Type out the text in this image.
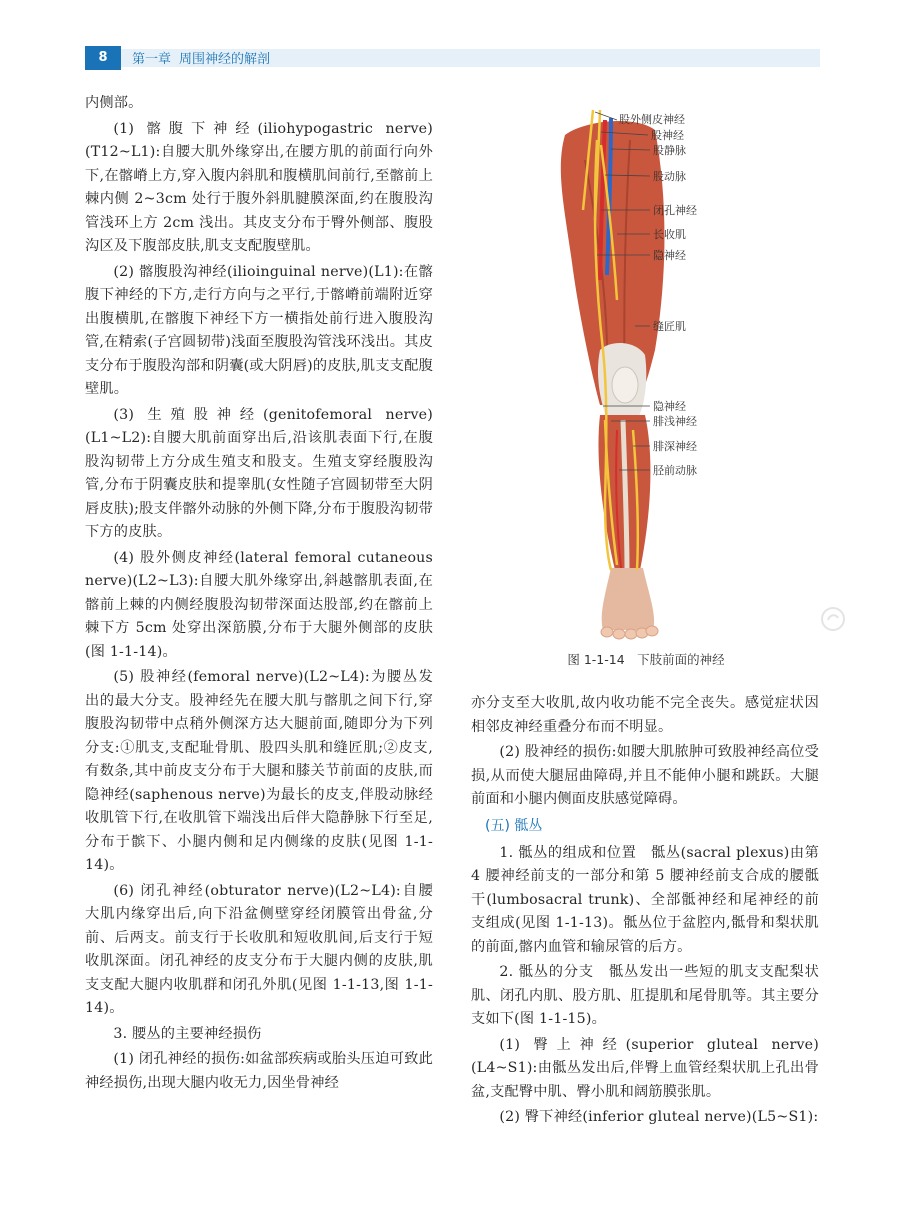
8	第一章 周围神经的解剖

内侧部。

(1) 髂腹下神经(iliohypogastric nerve)(T12~L1):自腰大肌外缘穿出,在腰方肌的前面行向外下,在髂嵴上方,穿入腹内斜肌和腹横肌间前行,至髂前上棘内侧 2~3cm 处行于腹外斜肌腱膜深面,约在腹股沟管浅环上方 2cm 浅出。其皮支分布于臀外侧部、腹股沟区及下腹部皮肤,肌支支配腹壁肌。

(2) 髂腹股沟神经(ilioinguinal nerve)(L1):在髂腹下神经的下方,走行方向与之平行,于髂嵴前端附近穿出腹横肌,在髂腹下神经下方一横指处前行进入腹股沟管,在精索(子宫圆韧带)浅面至腹股沟管浅环浅出。其皮支分布于腹股沟部和阴囊(或大阴唇)的皮肤,肌支支配腹壁肌。

(3) 生殖股神经(genitofemoral nerve)(L1~L2):自腰大肌前面穿出后,沿该肌表面下行,在腹股沟韧带上方分成生殖支和股支。生殖支穿经腹股沟管,分布于阴囊皮肤和提睾肌(女性随子宫圆韧带至大阴唇皮肤);股支伴髂外动脉的外侧下降,分布于腹股沟韧带下方的皮肤。

(4) 股外侧皮神经(lateral femoral cutaneous nerve)(L2~L3):自腰大肌外缘穿出,斜越髂肌表面,在髂前上棘的内侧经腹股沟韧带深面达股部,约在髂前上棘下方 5cm 处穿出深筋膜,分布于大腿外侧部的皮肤(图 1-1-14)。

(5) 股神经(femoral nerve)(L2~L4):为腰丛发出的最大分支。股神经先在腰大肌与髂肌之间下行,穿腹股沟韧带中点稍外侧深方达大腿前面,随即分为下列分支:①肌支,支配耻骨肌、股四头肌和缝匠肌;②皮支,有数条,其中前皮支分布于大腿和膝关节前面的皮肤,而隐神经(saphenous nerve)为最长的皮支,伴股动脉经收肌管下行,在收肌管下端浅出后伴大隐静脉下行至足,分布于髌下、小腿内侧和足内侧缘的皮肤(见图 1-1-14)。

(6) 闭孔神经(obturator nerve)(L2~L4):自腰大肌内缘穿出后,向下沿盆侧壁穿经闭膜管出骨盆,分前、后两支。前支行于长收肌和短收肌间,后支行于短收肌深面。闭孔神经的皮支分布于大腿内侧的皮肤,肌支支配大腿内收肌群和闭孔外肌(见图 1-1-13,图 1-1-14)。

3. 腰丛的主要神经损伤

(1) 闭孔神经的损伤:如盆部疾病或胎头压迫可致此神经损伤,出现大腿内收无力,因坐骨神经

股外侧皮神经
股神经
股静脉
股动脉
闭孔神经
长收肌
隐神经
缝匠肌
隐神经
腓浅神经
腓深神经
胫前动脉
图 1-1-14　下肢前面的神经

亦分支至大收肌,故内收功能不完全丧失。感觉症状因相邻皮神经重叠分布而不明显。

(2) 股神经的损伤:如腰大肌脓肿可致股神经高位受损,从而使大腿屈曲障碍,并且不能伸小腿和跳跃。大腿前面和小腿内侧面皮肤感觉障碍。

(五) 骶丛

1. 骶丛的组成和位置　骶丛(sacral plexus)由第 4 腰神经前支的一部分和第 5 腰神经前支合成的腰骶干(lumbosacral trunk)、全部骶神经和尾神经的前支组成(见图 1-1-13)。骶丛位于盆腔内,骶骨和梨状肌的前面,髂内血管和输尿管的后方。

2. 骶丛的分支　骶丛发出一些短的肌支支配梨状肌、闭孔内肌、股方肌、肛提肌和尾骨肌等。其主要分支如下(图 1-1-15)。

(1) 臀上神经(superior gluteal nerve)(L4~S1):由骶丛发出后,伴臀上血管经梨状肌上孔出骨盆,支配臀中肌、臀小肌和阔筋膜张肌。

(2) 臀下神经(inferior gluteal nerve)(L5~S1):
